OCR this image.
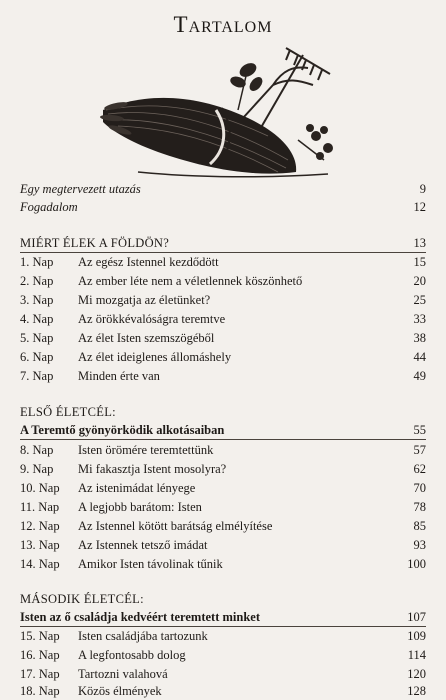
Tartalom
Egy megtervezett utazás	9
Fogadalom	12
MIÉRT ÉLEK A FÖLDÖN?	13
1. Nap Az egész Istennel kezdődött	15
2. Nap Az ember léte nem a véletlennek köszönhető	20
3. Nap Mi mozgatja az életünket?	25
4. Nap Az örökkévalóságra teremtve	33
5. Nap Az élet Isten szemszögéből	38
6. Nap Az élet ideiglenes állomáshely	44
7. Nap Minden érte van	49
ELSŐ ÉLETCÉL:
A Teremtő gyönyörködik alkotásaiban	55
8. Nap Isten örömére teremtettünk	57
9. Nap Mi fakasztja Istent mosolyra?	62
10. Nap Az istenimádat lényege	70
11. Nap A legjobb barátom: Isten	78
12. Nap Az Istennel kötött barátság elmélyítése	85
13. Nap Az Istennek tetsző imádat	93
14. Nap Amikor Isten távolinak tűnik	100
MÁSODIK ÉLETCÉL:
Isten az ő családja kedvéért teremtett minket	107
15. Nap Isten családjába tartozunk	109
16. Nap A legfontosabb dolog	114
17. Nap Tartozni valahová	120
18. Nap Közös élmények	128
